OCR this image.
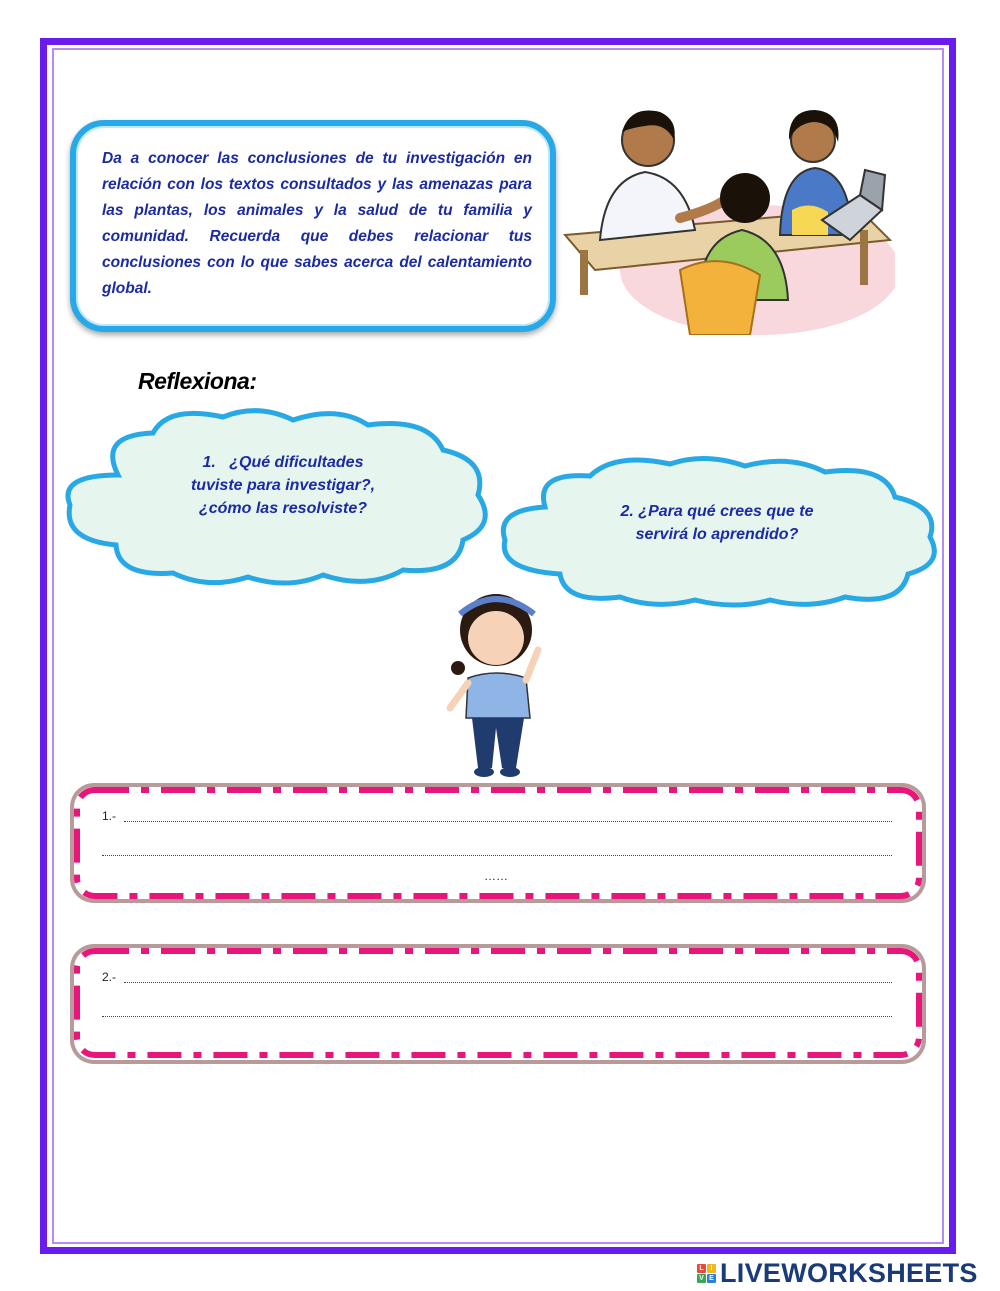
Da a conocer las conclusiones de tu investigación en relación con los textos consultados y las amenazas para las plantas, los animales y la salud de tu familia y comunidad. Recuerda que debes relacionar tus conclusiones con lo que sabes acerca del calentamiento global.
Reflexiona:
1. ¿Qué dificultades
tuviste para investigar?,
¿cómo las resolviste?	2. ¿Para qué crees que te
servirá lo aprendido?
1.-
……
2.-
L I
V E LIVEWORKSHEETS
